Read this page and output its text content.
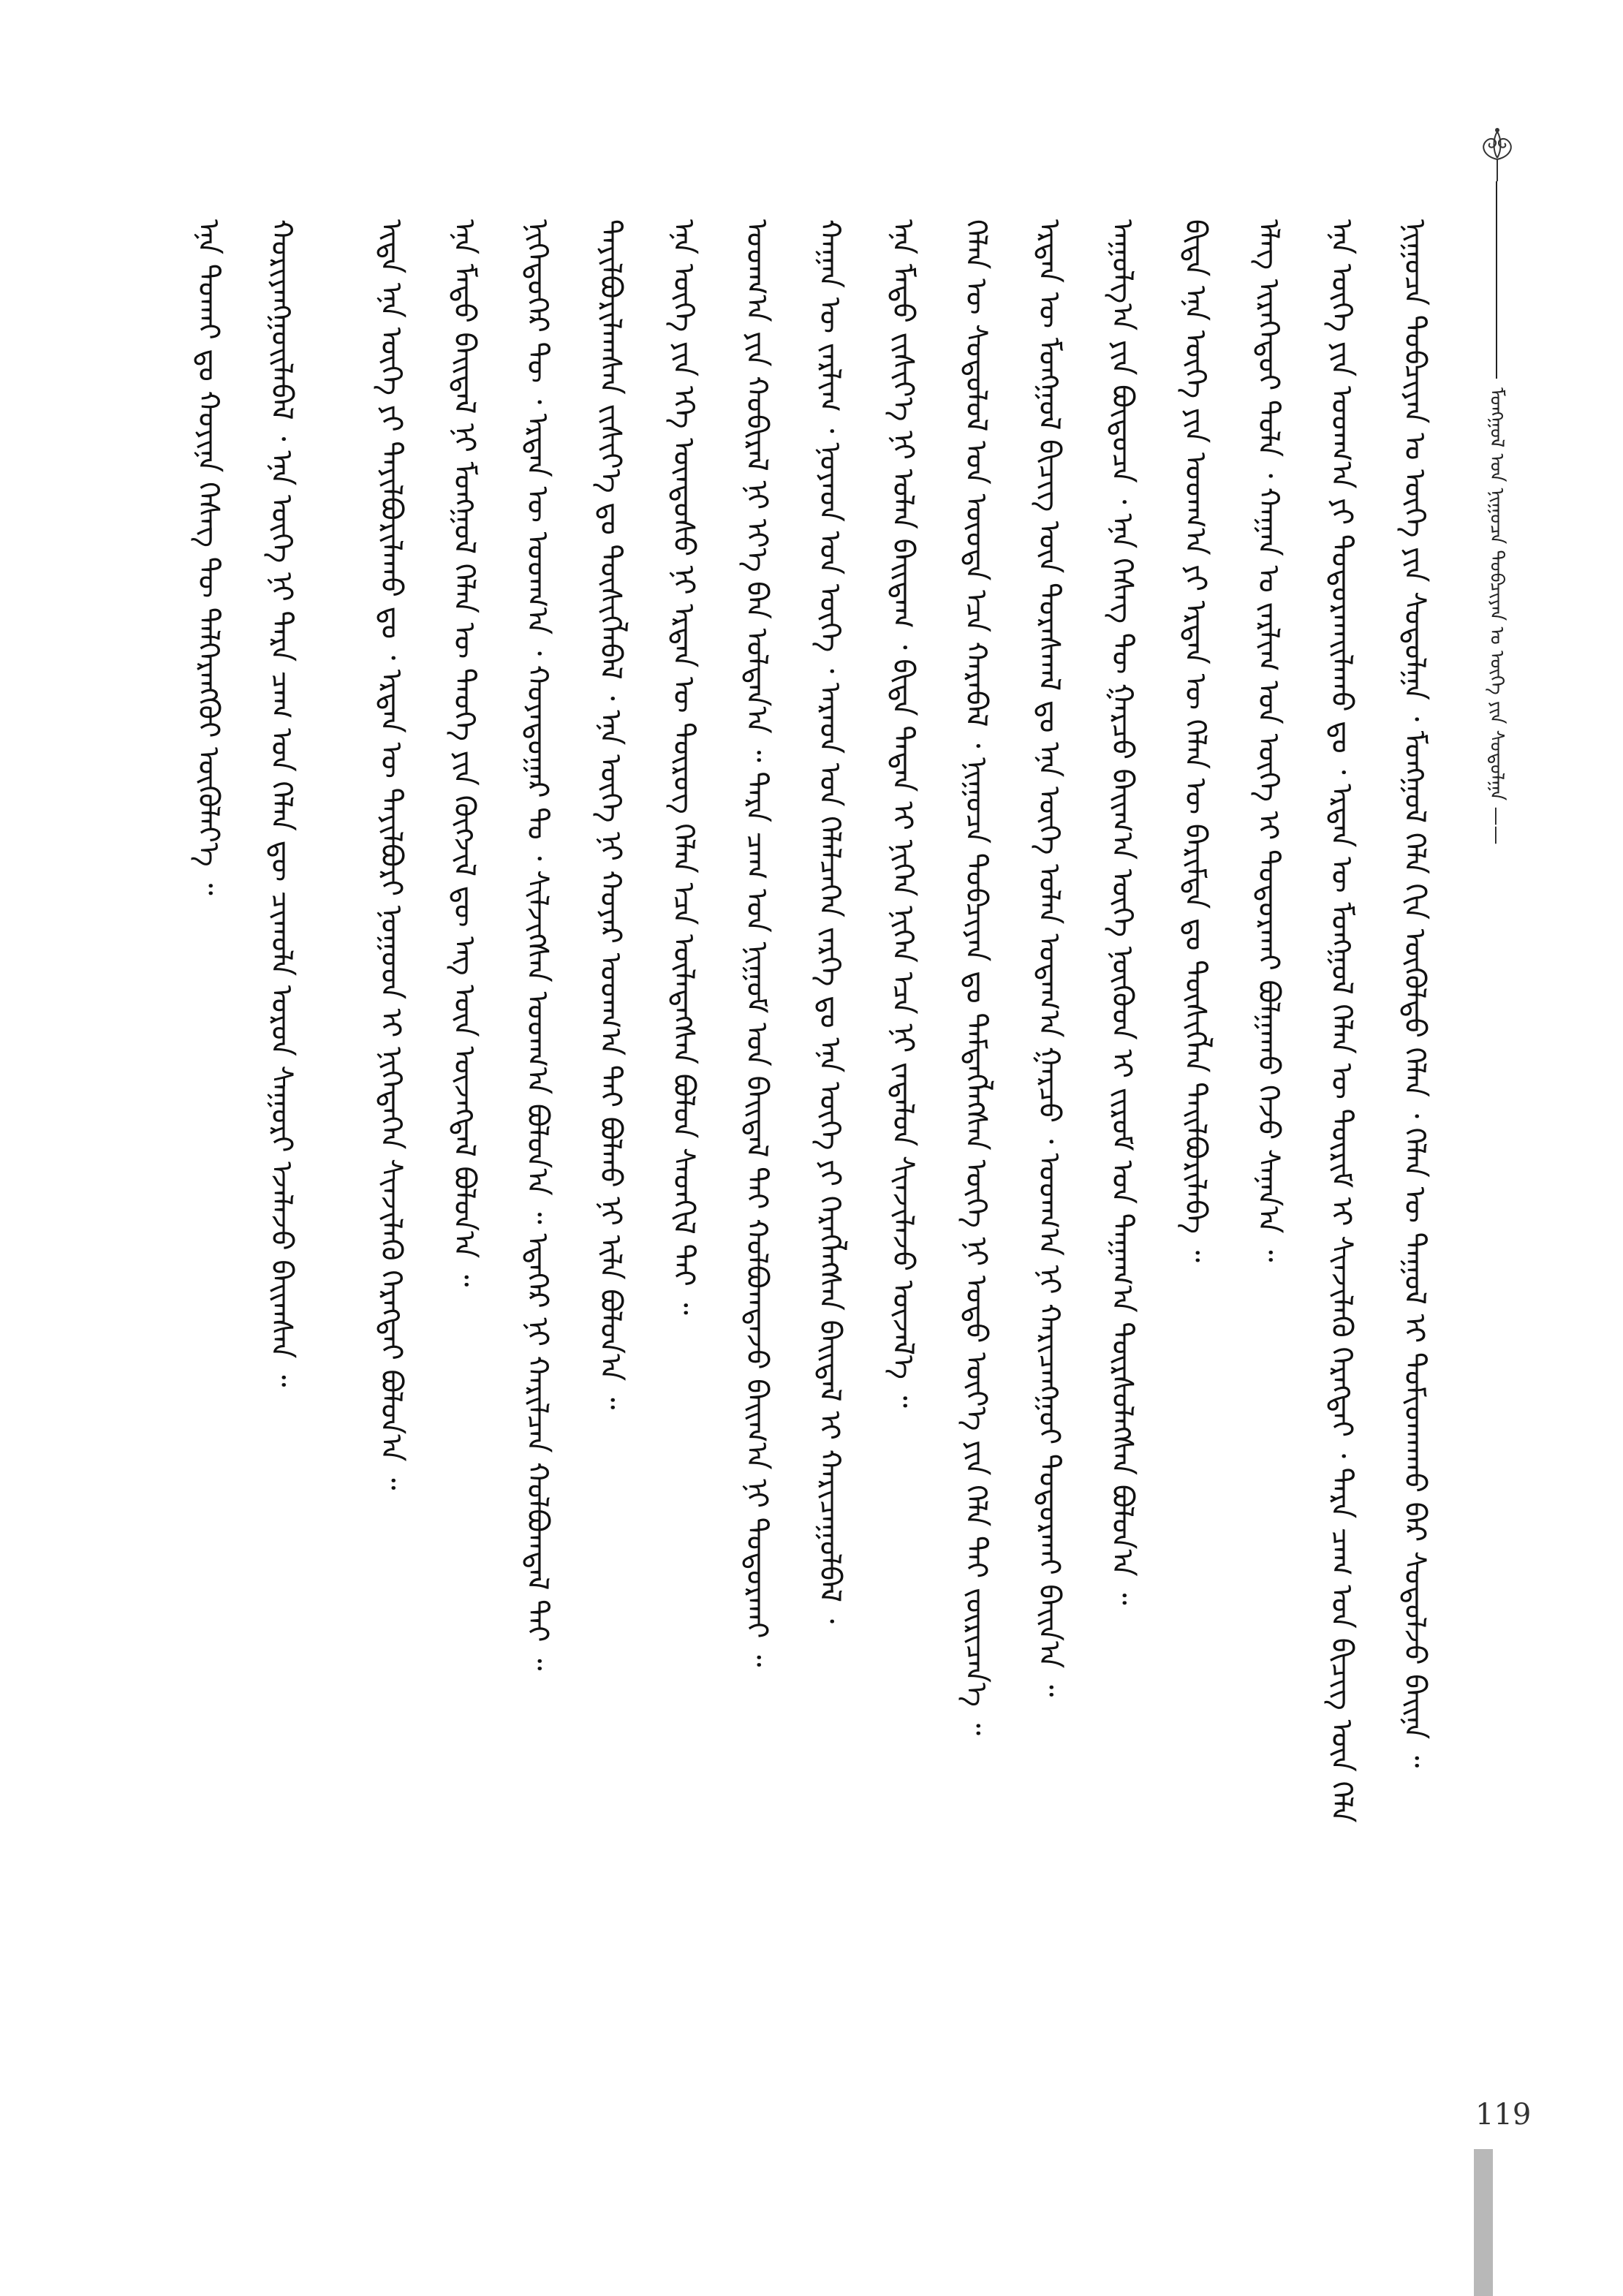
ᠮᠣᠩᠭᠣᠯ ᠤᠨ ᠨᠢᠭᠤᠴᠠ ᠲᠣᠪᠴᠢᠶᠠᠨ ᠤ ᠦᠭᠡ ᠶᠢᠨ ᠰᠤᠳᠤᠯᠭᠠ ——
ᠨᠢᠭᠤᠴᠠ ᠲᠣᠪᠴᠢᠶᠠᠨ ᠤ ᠦᠭᠡ ᠶᠢᠨ ᠰᠤᠳᠤᠯᠭᠠ ᠂ ᠮᠣᠩᠭᠣᠯ ᠬᠡᠯᠡ ᠬᠢᠨ ᠦᠬᠦᠯᠳᠤ ᠬᠡᠯᠡᠨ ᠂ ᠬᠡᠯᠡᠨ ᠦ ᠳᠠᠭᠤᠯ ᠢ ᠲᠣᠮᠢᠳᠬᠠᠬᠤ ᠪᠡᠷ ᠰᠤᠳᠤᠯᠵᠤ ᠪᠠᠢᠨᠠ ᠃
ᠡᠨᠡ ᠦᠭᠡ ᠶᠢᠨ ᠤᠳᠬ᠎ᠠ ᠶᠢ ᠲᠣᠳᠤᠷᠬᠠᠢᠯᠠᠬᠤ ᠳᠤ ᠂ ᠡᠷᠲᠡᠨ ᠦ ᠮᠣᠩᠭᠣᠯ ᠬᠡᠯᠡᠨ ᠦ ᠳᠦᠷᠢᠮ ᠢ ᠰᠢᠨᠵᠢᠯᠡᠬᠦ ᠬᠡᠷᠡᠭᠲᠡᠢ ᠂ ᠲᠡᠷᠡ ᠴᠠᠭ ᠤᠨ ᠪᠢᠴᠢᠭ ᠦᠨ ᠬᠡᠯᠡ
ᠡᠯᠡᠭ ᠢᠷᠡᠭᠡᠳᠦᠢ ᠲᠤᠯᠠ ᠂ ᠬᠠᠭᠠᠨ ᠤ ᠵᠠᠷᠯᠢᠭ ᠤᠨ ᠦᠭᠡ ᠢ ᠲᠣᠳᠤᠷᠬᠠᠢ ᠪᠣᠯᠭᠠᠬᠤ ᠭᠡᠵᠦ ᠰᠠᠨᠠᠨ᠎ᠠ ᠃
ᠪᠢᠳᠡ ᠡᠨᠡ ᠦᠭᠡ ᠶᠢᠨ ᠤᠳᠬ᠎ᠠ ᠶᠢ ᠡᠷᠲᠡᠨ ᠦ ᠬᠡᠯᠡᠨ ᠦ ᠪᠠᠷᠢᠮᠲᠠ ᠳᠤ ᠲᠦᠰᠢᠭᠯᠡᠨ ᠲᠠᠢᠯᠪᠤᠷᠢᠯᠠᠪᠠ ᠃
ᠠᠭᠤᠯᠭ᠎ᠠ ᠶᠢᠨ ᠪᠦᠲᠦᠴᠡ ᠂ ᠡᠨᠡ ᠬᠡᠰᠡᠭ ᠲᠦ ᠭᠠᠷᠴᠤ ᠪᠠᠢᠭ᠎ᠠ ᠦᠭᠡ ᠨᠦᠭᠦᠳ ᠢ ᠵᠢᠷᠤᠮ ᠤᠨ ᠳᠠᠭᠠᠭ᠎ᠠ ᠳᠦᠷᠰᠦᠯᠡᠭᠰᠡᠨ ᠪᠣᠯᠤᠨ᠎ᠠ ᠃
ᠡᠷᠲᠡᠨ ᠦ ᠮᠣᠩᠭᠣᠯ ᠪᠢᠴᠢᠭ ᠦᠨ ᠳᠤᠷᠠᠰᠬᠠᠯ ᠳᠤ ᠡᠨᠡ ᠦᠭᠡ ᠣᠯᠠᠨ ᠤᠳᠠᠭ᠎ᠠ ᠭᠠᠷᠴᠤ ᠂ ᠤᠳᠬ᠎ᠠ ᠨᠢ ᠬᠠᠷᠢᠴᠠᠩᠭᠤᠢ ᠲᠣᠳᠤᠷᠬᠠᠢ ᠪᠠᠢᠨ᠎ᠠ ᠃
ᠬᠡᠯᠡᠨ ᠦ ᠰᠤᠳᠤᠯᠤᠯ ᠤᠨ ᠦᠦᠳᠡ ᠡᠴᠡ ᠬᠠᠷᠠᠪᠠᠯ ᠂ ᠨᠢᠭᠤᠴᠠ ᠲᠣᠪᠴᠢᠶᠠᠨ ᠳᠤ ᠲᠡᠮᠳᠡᠭᠯᠡᠭᠰᠡᠨ ᠦᠭᠡ ᠨᠢ ᠣᠳᠣ ᠦᠶ᠎ᠡ ᠶᠢᠨ ᠬᠡᠯᠡ ᠲᠡᠢ ᠵᠥᠷᠢᠴᠡᠨ᠎ᠡ ᠃
ᠡᠨᠡ ᠮᠡᠲᠦ ᠵᠢᠱᠢᠶ᠎ᠡ ᠨᠢ ᠣᠯᠠᠨ ᠪᠠᠢᠳᠠᠭ ᠂ ᠪᠢᠳᠡ ᠲᠡᠳᠡᠨ ᠢ ᠨᠢᠭᠡᠨ ᠨᠢᠭᠡᠨ ᠡᠴᠡ ᠨᠢ ᠵᠠᠳᠠᠯᠤᠨ ᠰᠢᠨᠵᠢᠯᠡᠵᠦ ᠦᠵᠡᠯ᠎ᠡ ᠃
ᠬᠠᠭᠠᠨ ᠦ ᠵᠠᠷᠯᠢᠭ ᠂ ᠨᠣᠶᠠᠳ ᠤᠨ ᠦᠭᠡ ᠂ ᠠᠷᠠᠳ ᠤᠨ ᠬᠡᠯᠡᠯᠴᠡᠭᠡᠨ ᠵᠡᠷᠭᠡ ᠳᠤ ᠡᠨᠡ ᠦᠭᠡ ᠶᠢ ᠬᠡᠷᠡᠭᠯᠡᠭᠰᠡᠨ ᠪᠠᠢᠳᠠᠯ ᠢ ᠬᠠᠷᠢᠴᠠᠭᠤᠯᠪᠠᠯ ᠂
ᠤᠳᠬ᠎ᠠ ᠶᠢᠨ ᠬᠤᠪᠢᠷᠠᠯ ᠨᠢ ᠡᠶ᠎ᠡ ᠪᠠᠨ ᠣᠯᠳᠠᠨ᠎ᠠ ᠃ ᠲᠡᠷᠡ ᠴᠠᠭ ᠤᠨ ᠨᠢᠭᠤᠮ ᠤᠨ ᠪᠠᠢᠳᠠᠯ ᠲᠠᠢ ᠬᠣᠯᠪᠣᠭᠳᠠᠵᠤ ᠪᠠᠢᠭ᠎ᠠ ᠨᠢ ᠲᠣᠳᠤᠷᠬᠠᠢ ᠃
ᠡᠨᠡ ᠦᠭᠡ ᠶᠢᠨ ᠡᠬᠡ ᠦᠨᠳᠦᠰᠦ ᠨᠢ ᠡᠷᠲᠡᠨ ᠦ ᠲᠦᠷᠦᠭ ᠬᠡᠯᠡᠨ ᠡᠴᠡ ᠦᠯᠡᠳᠡᠭᠰᠡᠨ ᠪᠣᠯᠤᠨ ᠰᠡᠳᠬᠢᠯ ᠲᠡᠢ ᠃
ᠲᠠᠶᠢᠯᠪᠤᠷᠢᠯᠠᠭᠰᠠᠨ ᠵᠢᠱᠢᠶ᠎ᠡ ᠳᠤ ᠲᠦᠰᠢᠭᠯᠡᠪᠡᠯ ᠂ ᠡᠨᠡ ᠦᠭᠡ ᠨᠢ ᠬᠣᠶᠠᠷ ᠤᠳᠬ᠎ᠠ ᠲᠠᠢ ᠪᠣᠯᠬᠤ ᠨᠢ ᠢᠯᠡ ᠪᠣᠯᠤᠨ᠎ᠠ ᠃
ᠨᠢᠭᠡᠳᠦᠭᠡᠷ ᠲᠦ ᠂ ᠡᠷᠲᠡᠨ ᠦ ᠤᠳᠬ᠎ᠠ ᠂ ᠬᠣᠶᠠᠳᠤᠭᠠᠷ ᠲᠤ ᠂ ᠰᠢᠯᠵᠢᠭᠰᠡᠨ ᠤᠳᠬ᠎ᠠ ᠪᠣᠯᠤᠨ᠎ᠠ ᠃ ᠡᠳᠡᠭᠡᠷ ᠨᠢ ᠬᠠᠷᠢᠯᠴᠠᠨ ᠬᠣᠯᠪᠣᠭᠳᠠᠯ ᠲᠠᠢ ᠃
ᠡᠨᠡ ᠮᠡᠲᠦ ᠪᠠᠢᠳᠠᠯ ᠨᠢ ᠮᠣᠩᠭᠣᠯ ᠬᠡᠯᠡᠨ ᠦ ᠲᠡᠦᠬᠡ ᠶᠢᠨ ᠬᠥᠭᠵᠢᠯ ᠳᠦ ᠡᠩ ᠦᠨ ᠦᠵᠡᠭᠳᠡᠯ ᠪᠣᠯᠤᠨ᠎ᠠ ᠃
ᠢᠳᠡ ᠡᠨᠡ ᠦᠭᠡ ᠶᠢ ᠲᠠᠶᠢᠯᠪᠤᠷᠢᠯᠠᠬᠤ ᠳᠤ ᠂ ᠡᠷᠲᠡᠨ ᠦ ᠲᠠᠶᠢᠯᠪᠤᠷᠢ ᠨᠤᠭᠤᠳ ᠢ ᠨᠢᠭᠡᠲᠡᠭᠡᠨ ᠰᠢᠨᠵᠢᠯᠡᠬᠦ ᠬᠡᠷᠡᠭᠲᠡᠢ ᠪᠣᠯᠤᠨ᠎ᠠ ᠃
ᠬᠤᠷᠢᠶᠠᠩᠭᠤᠢᠯᠠᠪᠠᠯ ᠂ ᠡᠨᠡ ᠦᠭᠡ ᠨᠢ ᠲᠡᠷᠡ ᠴᠠᠭ ᠤᠨ ᠬᠡᠯᠡᠨ ᠳᠦ ᠴᠢᠬᠤᠯᠠ ᠤᠷᠤᠨ ᠰᠠᠭᠤᠷᠢ ᠡᠵᠡᠯᠡᠵᠦ ᠪᠠᠢᠭᠰᠠᠨ ᠃
ᠡᠨᠡ ᠲᠤᠬᠠᠢ ᠳᠤ ᠬᠣᠶᠢᠨᠠ ᠬᠡᠰᠡᠭ ᠲᠦ ᠳᠡᠯᠭᠡᠷᠡᠩᠭᠦᠢ ᠦᠭᠦᠯᠡᠶ᠎ᠡ ᠃
119
